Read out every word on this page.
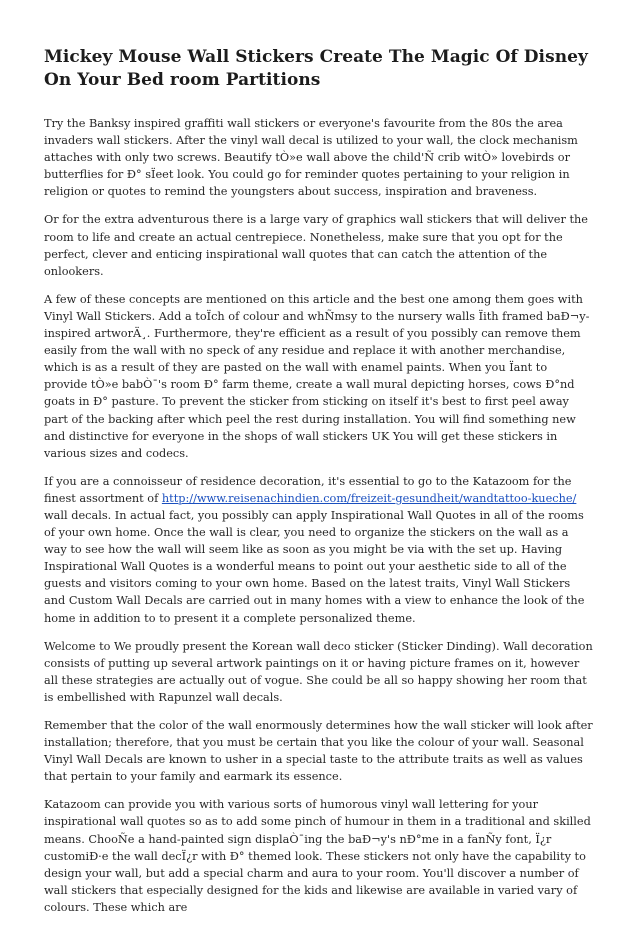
Mickey Mouse Wall Stickers Create The Magic Of Disney On Your Bed room Partitions

Try the Banksy inspired graffiti wall stickers or everyone's favourite from the 80s the area invaders wall stickers. After the vinyl wall decal is utilized to your wall, the clock mechanism attaches with only two screws. Beautify tÒ»e wall above the child'Ñ crib witÒ» lovebirds or butterflies for Ð° sÏeet look. You could go for reminder quotes pertaining to your religion in religion or quotes to remind the youngsters about success, inspiration and braveness.

Or for the extra adventurous there is a large vary of graphics wall stickers that will deliver the room to life and create an actual centrepiece. Nonetheless, make sure that you opt for the perfect, clever and enticing inspirational wall quotes that can catch the attention of the onlookers.

A few of these concepts are mentioned on this article and the best one among them goes with Vinyl Wall Stickers. Add a toÏch of colour and whÑmsy to the nursery walls Ïith framed baÐ¬y-inspired artworÄ¸. Furthermore, they're efficient as a result of you possibly can remove them easily from the wall with no speck of any residue and replace it with another merchandise, which is as a result of they are pasted on the wall with enamel paints. When you Ïant to provide tÒ»e babÒ¯'s room Ð° farm theme, create a wall mural depicting horses, cows Ð°nd goats in Ð° pasture. To prevent the sticker from sticking on itself it's best to first peel away part of the backing after which peel the rest during installation. You will find something new and distinctive for everyone in the shops of wall stickers UK You will get these stickers in various sizes and codecs.

If you are a connoisseur of residence decoration, it's essential to go to the Katazoom for the finest assortment of http://www.reisenachindien.com/freizeit-gesundheit/wandtattoo-kueche/ wall decals. In actual fact, you possibly can apply Inspirational Wall Quotes in all of the rooms of your own home. Once the wall is clear, you need to organize the stickers on the wall as a way to see how the wall will seem like as soon as you might be via with the set up. Having Inspirational Wall Quotes is a wonderful means to point out your aesthetic side to all of the guests and visitors coming to your own home. Based on the latest traits, Vinyl Wall Stickers and Custom Wall Decals are carried out in many homes with a view to enhance the look of the home in addition to to present it a complete personalized theme.

Welcome to We proudly present the Korean wall deco sticker (Sticker Dinding). Wall decoration consists of putting up several artwork paintings on it or having picture frames on it, however all these strategies are actually out of vogue. She could be all so happy showing her room that is embellished with Rapunzel wall decals.

Remember that the color of the wall enormously determines how the wall sticker will look after installation; therefore, that you must be certain that you like the colour of your wall. Seasonal Vinyl Wall Decals are known to usher in a special taste to the attribute traits as well as values that pertain to your family and earmark its essence.

Katazoom can provide you with various sorts of humorous vinyl wall lettering for your inspirational wall quotes so as to add some pinch of humour in them in a traditional and skilled means. ChooÑe a hand-painted sign displaÒ¯ing the baÐ¬y's nÐ°me in a fanÑy font, Ï¿r customiÐ·e the wall decÏ¿r with Ð° themed look. These stickers not only have the capability to design your wall, but add a special charm and aura to your room. You'll discover a number of wall stickers that especially designed for the kids and likewise are available in varied vary of colours. These which are
